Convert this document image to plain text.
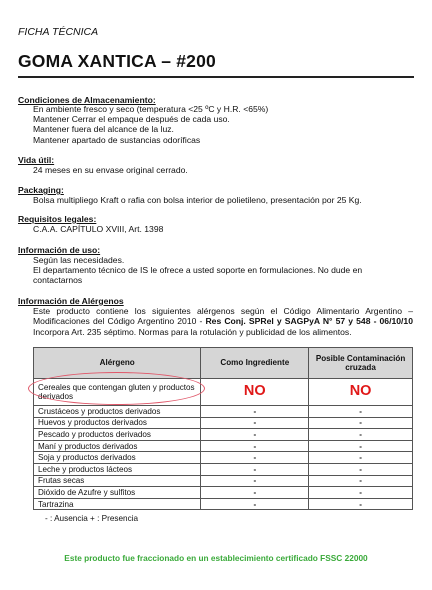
FICHA TÉCNICA
GOMA XANTICA – #200
Condiciones de Almacenamiento:
En ambiente fresco y seco (temperatura <25 ºC y H.R. <65%)
Mantener Cerrar el empaque después de cada uso.
Mantener fuera del alcance de la luz.
Mantener apartado de sustancias odoríficas
Vida útil:
24 meses en su envase original cerrado.
Packaging:
Bolsa multipliego Kraft o rafia con bolsa interior de polietileno, presentación por 25 Kg.
Requisitos legales:
C.A.A. CAPÍTULO XVIII, Art. 1398
Información de uso:
Según las necesidades.
El departamento técnico de IS le ofrece a usted soporte en formulaciones. No dude en
contactarnos
Información de Alérgenos
Este producto contiene los siguientes alérgenos según el Código Alimentario Argentino – Modificaciones del Código Argentino 2010 - Res Conj. SPRel y SAGPyA N° 57 y 548 - 06/10/10 Incorpora Art. 235 séptimo. Normas para la rotulación y publicidad de los alimentos.
Alérgeno	Como Ingrediente	Posible Contaminación cruzada
Cereales que contengan gluten y productos derivados	NO	NO
Crustáceos y productos derivados	-	-
Huevos y productos derivados	-	-
Pescado y productos derivados	-	-
Maní y productos derivados	-	-
Soja y productos derivados	-	-
Leche y productos lácteos	-	-
Frutas secas	-	-
Dióxido de Azufre y sulfitos	-	-
Tartrazina	-	-
- : Ausencia + : Presencia
Este producto fue fraccionado en un establecimiento certificado FSSC 22000
